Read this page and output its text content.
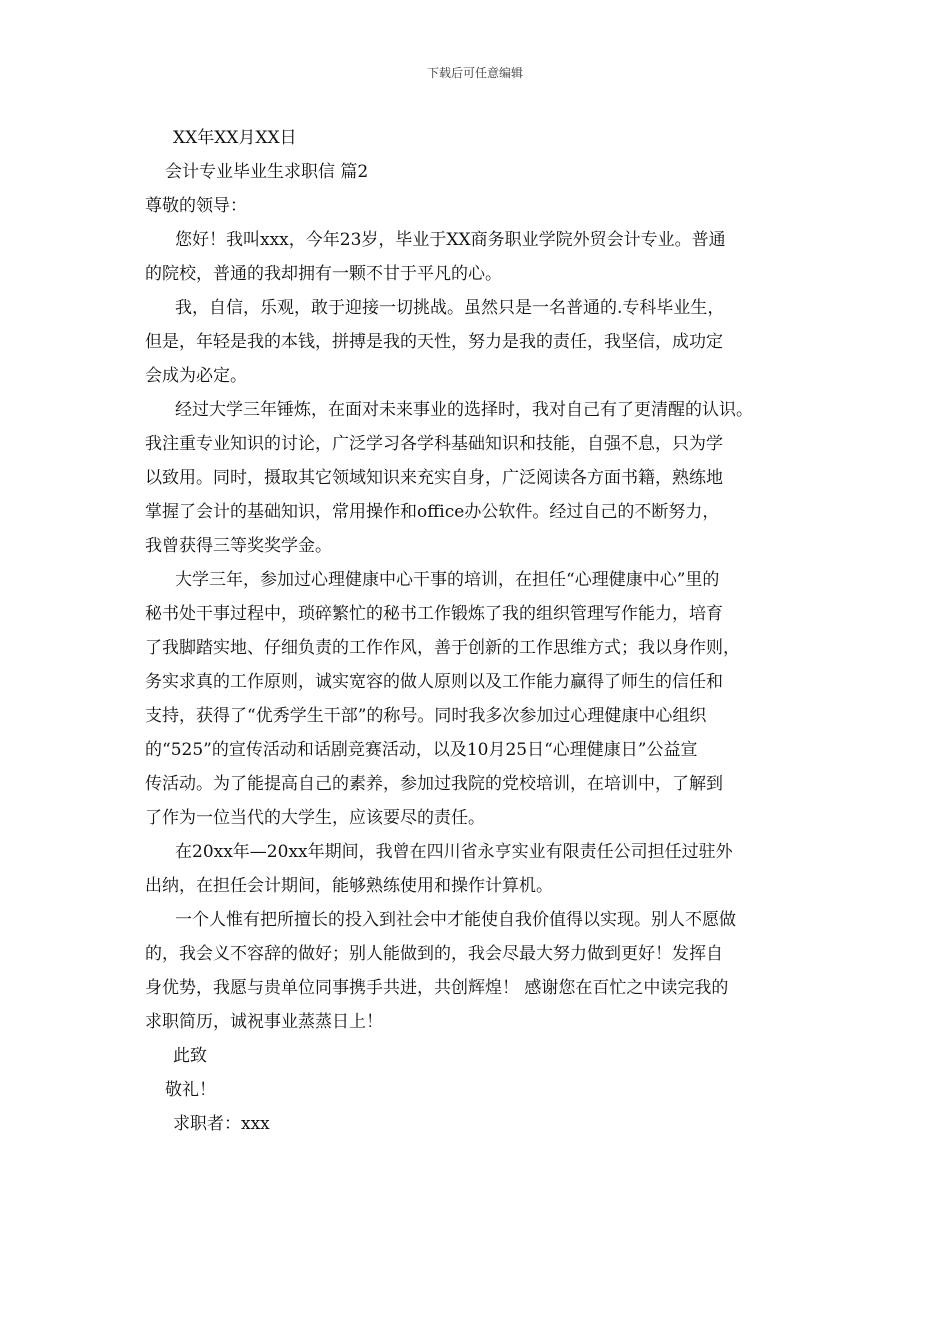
下载后可任意编辑
XX年XX月XX日
会计专业毕业生求职信 篇2
尊敬的领导：
您好！我叫xxx，今年23岁，毕业于XX商务职业学院外贸会计专业。普通
的院校，普通的我却拥有一颗不甘于平凡的心。
我，自信，乐观，敢于迎接一切挑战。虽然只是一名普通的.专科毕业生，
但是，年轻是我的本钱，拼搏是我的天性，努力是我的责任，我坚信，成功定
会成为必定。
经过大学三年锤炼，在面对未来事业的选择时，我对自己有了更清醒的认识。
我注重专业知识的讨论，广泛学习各学科基础知识和技能，自强不息，只为学
以致用。同时，摄取其它领域知识来充实自身，广泛阅读各方面书籍，熟练地
掌握了会计的基础知识，常用操作和office办公软件。经过自己的不断努力，
我曾获得三等奖奖学金。
大学三年，参加过心理健康中心干事的培训，在担任“心理健康中心”里的
秘书处干事过程中，琐碎繁忙的秘书工作锻炼了我的组织管理写作能力，培育
了我脚踏实地、仔细负责的工作作风，善于创新的工作思维方式；我以身作则，
务实求真的工作原则，诚实宽容的做人原则以及工作能力赢得了师生的信任和
支持，获得了“优秀学生干部”的称号。同时我多次参加过心理健康中心组织
的“525”的宣传活动和话剧竞赛活动，以及10月25日“心理健康日”公益宣
传活动。为了能提高自己的素养，参加过我院的党校培训，在培训中，了解到
了作为一位当代的大学生，应该要尽的责任。
在20xx年—20xx年期间，我曾在四川省永亨实业有限责任公司担任过驻外
出纳，在担任会计期间，能够熟练使用和操作计算机。
一个人惟有把所擅长的投入到社会中才能使自我价值得以实现。别人不愿做
的，我会义不容辞的做好；别人能做到的，我会尽最大努力做到更好！发挥自
身优势，我愿与贵单位同事携手共进，共创辉煌！ 感谢您在百忙之中读完我的
求职简历，诚祝事业蒸蒸日上！
此致
敬礼！
求职者：xxx
